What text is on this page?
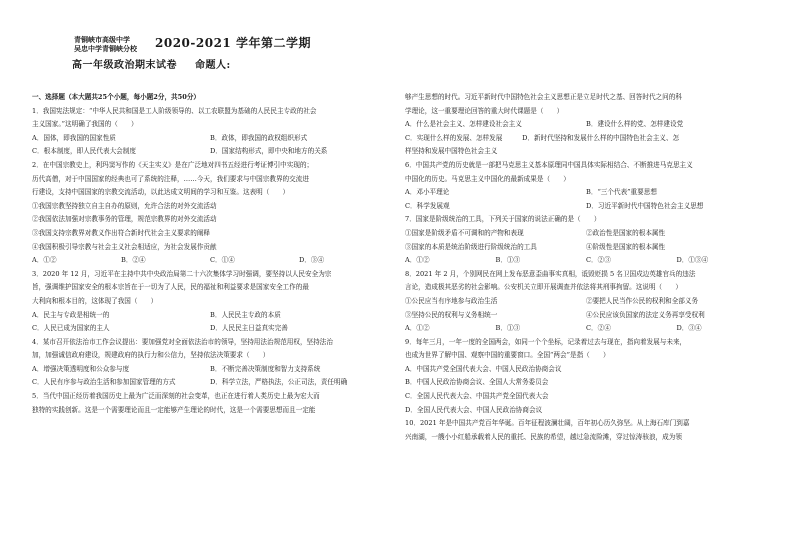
青铜峡市高级中学
吴忠中学青铜峡分校 2020-2021 学年第二学期
高一年级政治期末试卷 命题人:
一、选择题（本大题共25个小题，每小题2分，共50分）
1．我国宪法规定：“中华人民共和国是工人阶级领导的、以工农联盟为基础的人民民主专政的社会
主义国家。”这明确了我国的（　　）
A．国体，即我国的国家性质	B．政体，即我国的政权组织形式
C．根本制度，即人民代表大会制度	D．国家结构形式，即中央和地方的关系
2．在中国宗教史上，利玛窦写作的《天主实义》是在广泛地对四书五经进行考证博引中实现的；
历代高僧，对于中国国家的经典也可了系统的注释，……今天，我们要求与中国宗教界的交流进
行建设，支持中国国家的宗教交流活动，以此达成文明间的学习和互鉴。这表明（　　）
①我国宗教坚持独立自主自办的原则，允许合法的对外交流活动
②我国依法加强对宗教事务的管理，规范宗教界的对外交流活动
③我国支持宗教界对教义作出符合新时代社会主义要求的阐释
④我国积极引导宗教与社会主义社会相适应，为社会发展作贡献
A．①②	B．②④	C．①④	D．③④
3．2020 年 12 月，习近平在主持中共中央政治局第二十六次集体学习时强调，要坚持以人民安全为宗
旨，强调维护国家安全的根本宗旨在于一切为了人民，民的福祉和利益要求是国家安全工作的最
大利向和根本目的，这体现了我国（　　）
A．民主与专政是相统一的	B．人民民主专政的本质
C．人民已成为国家的主人	D．人民民主日益真实完善
4．某市召开依法治市工作会议提出：要加强党对全面依法治市的领导，坚持用法治规范用权，坚持法治
加，加强诚信政府建设，规建政府的执行力和公信力，坚持依法决策要求（　　）
A．增强决策透明度和公众参与度	B．不断完善决策制度和智力支持系统
C．人民有序参与政治生活和参加国家管理的方式	D．科学立法，严格执法，公正司法，责任明确
5．当代中国正经历着我国历史上最为广泛而深刻的社会变革，也正在进行着人类历史上最为宏大而
独特的实践创新。这是一个需要理论而且一定能够产生理论的时代，这是一个需要思想而且一定能
够产生思想的时代。习近平新时代中国特色社会主义思想正是立足时代之基、回答时代之问的科
学理论，这一重要理论回答的重大时代课题是（　　）
A．什么是社会主义、怎样建设社会主义	B．建设什么样的党、怎样建设党
C．实现什么样的发展、怎样发展　　　D．新时代坚持和发展什么样的中国特色社会主义、怎
样坚持和发展中国特色社会主义
6．中国共产党的历史就是一部把马克思主义基本原理同中国具体实际相结合、不断推进马克思主义
中国化的历史。马克思主义中国化的最新成果是（　　）
A．邓小平理论	B．“三个代表”重要思想
C．科学发展观	D．习近平新时代中国特色社会主义思想
7．国家是阶级统治的工具，下列关于国家的说法正确的是（　　）
①国家是阶级矛盾不可调和的产物和表现	②政治性是国家的根本属性
③国家的本质是统治阶级进行阶级统治的工具	④阶级性是国家的根本属性
A．①②	B．①③	C．②③	D．①③④
8．2021 年 2 月，个别网民在网上发布恶意歪曲事实真相，诋毁贬损 5 名卫国戍边英雄官兵的违法
言论，造成极其恶劣的社会影响。公安机关立即开展调查并依法将其刑事拘留。这说明（　　）
①公民应当有序地参与政治生活	②要把人民当作公民的权利和全部义务
③坚持公民的权利与义务相统一	④公民应该负国家的法定义务再享受权利
A．①②	B．①③	C．②④	D．③④
9．每年三月，一年一度的全国两会，如同一个个坐标，记录着过去与现在，指向着发展与未来，
也成为世界了解中国、观察中国的重要窗口。全国“两会”是指（　　）
A．中国共产党全国代表大会、中国人民政治协商会议
B．中国人民政治协商会议、全国人大常务委员会
C．全国人民代表大会、中国共产党全国代表大会
D．全国人民代表大会、中国人民政治协商会议
10．2021 年是中国共产党百年华诞。百年征程波澜壮阔，百年初心历久弥坚。从上海石库门到嘉
兴南湖，一艘小小红船承载着人民的重托、民族的希望，越过急流险滩，穿过惊涛骇浪，成为领
